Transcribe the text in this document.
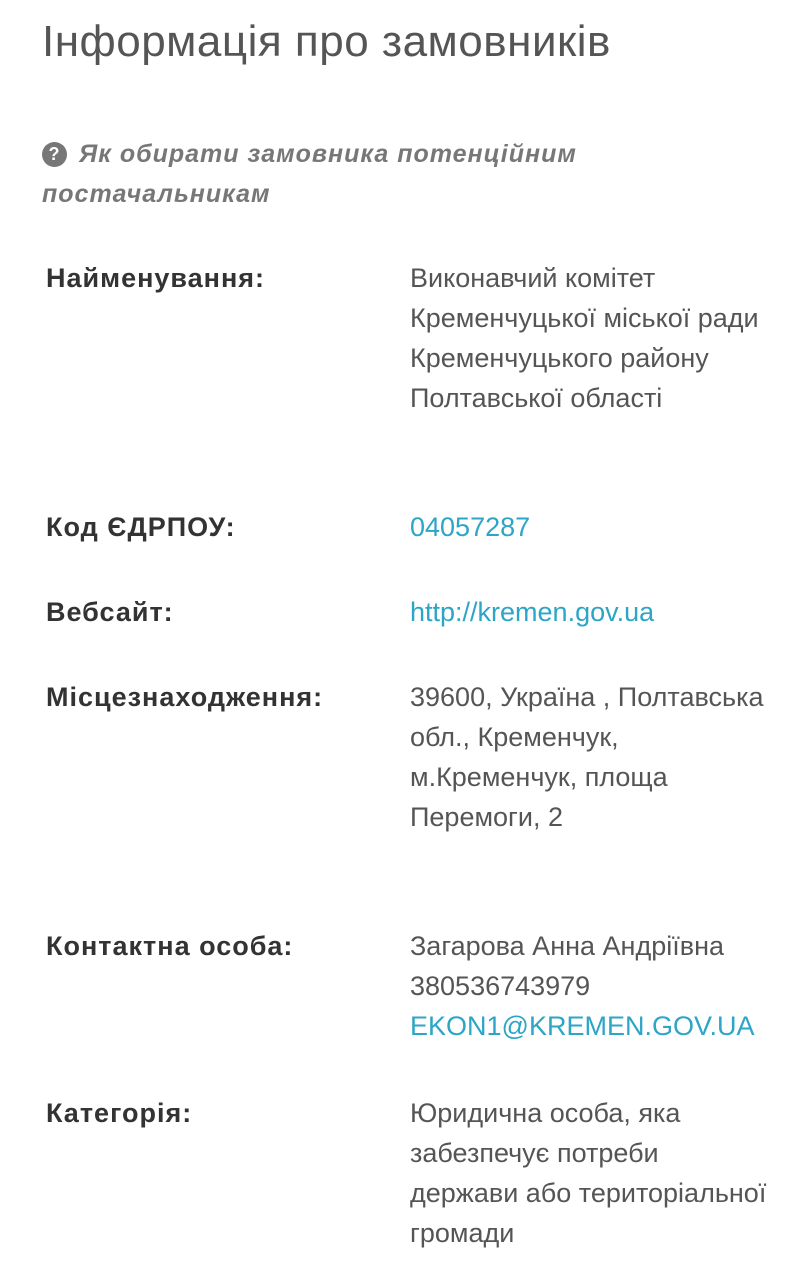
Інформація про замовників
? Як обирати замовника потенційним постачальникам
Найменування:	Виконавчий комітет Кременчуцької міської ради Кременчуцького району Полтавської області
Код ЄДРПОУ:	04057287
Вебсайт:	http://kremen.gov.ua
Місцезнаходження:	39600, Україна , Полтавська обл., Кременчук, м.Кременчук, площа Перемоги, 2
Контактна особа:	Загарова Анна Андріївна
380536743979
EKON1@KREMEN.GOV.UA
Категорія:	Юридична особа, яка забезпечує потреби держави або територіальної громади
